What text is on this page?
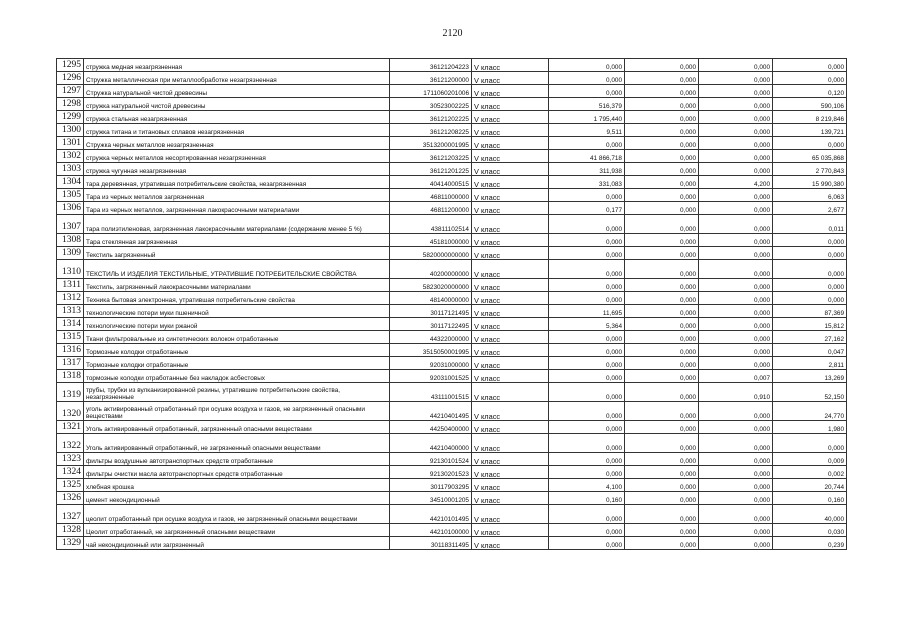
2120
1295	стружка медная незагрязненная	36121204223	V класс	0,000	0,000	0,000	0,000
1296	Стружка металлическая при металлообработке незагрязненная	36121200000	V класс	0,000	0,000	0,000	0,000
1297	Стружка натуральной чистой древесины	1711060201006	V класс	0,000	0,000	0,000	0,120
1298	стружка натуральной чистой древесины	30523002225	V класс	516,379	0,000	0,000	590,106
1299	стружка стальная незагрязненная	36121202225	V класс	1 795,440	0,000	0,000	8 219,846
1300	стружка титана и титановых сплавов незагрязненная	36121208225	V класс	9,511	0,000	0,000	139,721
1301	Стружка черных металлов незагрязненная	3513200001995	V класс	0,000	0,000	0,000	0,000
1302	стружка черных металлов несортированная незагрязненная	36121203225	V класс	41 866,718	0,000	0,000	65 035,868
1303	стружка чугунная незагрязненная	36121201225	V класс	311,938	0,000	0,000	2 770,843
1304	тара деревянная, утратившая потребительские свойства, незагрязненная	40414000515	V класс	331,083	0,000	4,200	15 990,380
1305	Тара из черных металлов загрязненная	46811000000	V класс	0,000	0,000	0,000	6,063
1306	Тара из черных металлов, загрязненная лакокрасочными материалами	46811200000	V класс	0,177	0,000	0,000	2,677
1307	тара полиэтиленовая, загрязненная лакокрасочными материалами (содержание менее 5 %)	43811102514	V класс	0,000	0,000	0,000	0,011
1308	Тара стеклянная загрязненная	45181000000	V класс	0,000	0,000	0,000	0,000
1309	Текстиль загрязненный	5820000000000	V класс	0,000	0,000	0,000	0,000
1310	ТЕКСТИЛЬ И ИЗДЕЛИЯ ТЕКСТИЛЬНЫЕ, УТРАТИВШИЕ ПОТРЕБИТЕЛЬСКИЕ СВОЙСТВА	40200000000	V класс	0,000	0,000	0,000	0,000
1311	Текстиль, загрязненный лакокрасочными материалами	5823020000000	V класс	0,000	0,000	0,000	0,000
1312	Техника бытовая электронная, утратившая потребительские свойства	48140000000	V класс	0,000	0,000	0,000	0,000
1313	технологические потери муки пшеничной	30117121495	V класс	11,695	0,000	0,000	87,369
1314	технологические потери муки ржаной	30117122495	V класс	5,364	0,000	0,000	15,812
1315	Ткани фильтровальные из синтетических волокон отработанные	44322000000	V класс	0,000	0,000	0,000	27,162
1316	Тормозные колодки отработанные	3515050001995	V класс	0,000	0,000	0,000	0,047
1317	Тормозные колодки отработанные	92031000000	V класс	0,000	0,000	0,000	2,811
1318	тормозные колодки отработанные без накладок асбестовых	92031001525	V класс	0,000	0,000	0,007	13,269
1319	трубы, трубки из вулканизированной резины, утратившие потребительские свойства, незагрязненные	43111001515	V класс	0,000	0,000	0,910	52,150
1320	уголь активированный отработанный при осушке воздуха и газов, не загрязненный опасными веществами	44210401495	V класс	0,000	0,000	0,000	24,770
1321	Уголь активированный отработанный, загрязненный опасными веществами	44250400000	V класс	0,000	0,000	0,000	1,980
1322	Уголь активированный отработанный, не загрязненный опасными веществами	44210400000	V класс	0,000	0,000	0,000	0,000
1323	фильтры воздушные автотранспортных средств отработанные	92130101524	V класс	0,000	0,000	0,000	0,009
1324	фильтры очистки масла автотранспортных средств отработанные	92130201523	V класс	0,000	0,000	0,000	0,002
1325	хлебная крошка	30117903295	V класс	4,100	0,000	0,000	20,744
1326	цемент некондиционный	34510001205	V класс	0,160	0,000	0,000	0,160
1327	цеолит отработанный при осушке воздуха и газов, не загрязненный опасными веществами	44210101495	V класс	0,000	0,000	0,000	40,000
1328	Цеолит отработанный, не загрязненный опасными веществами	44210100000	V класс	0,000	0,000	0,000	0,030
1329	чай некондиционный или загрязненный	30118311495	V класс	0,000	0,000	0,000	0,239
